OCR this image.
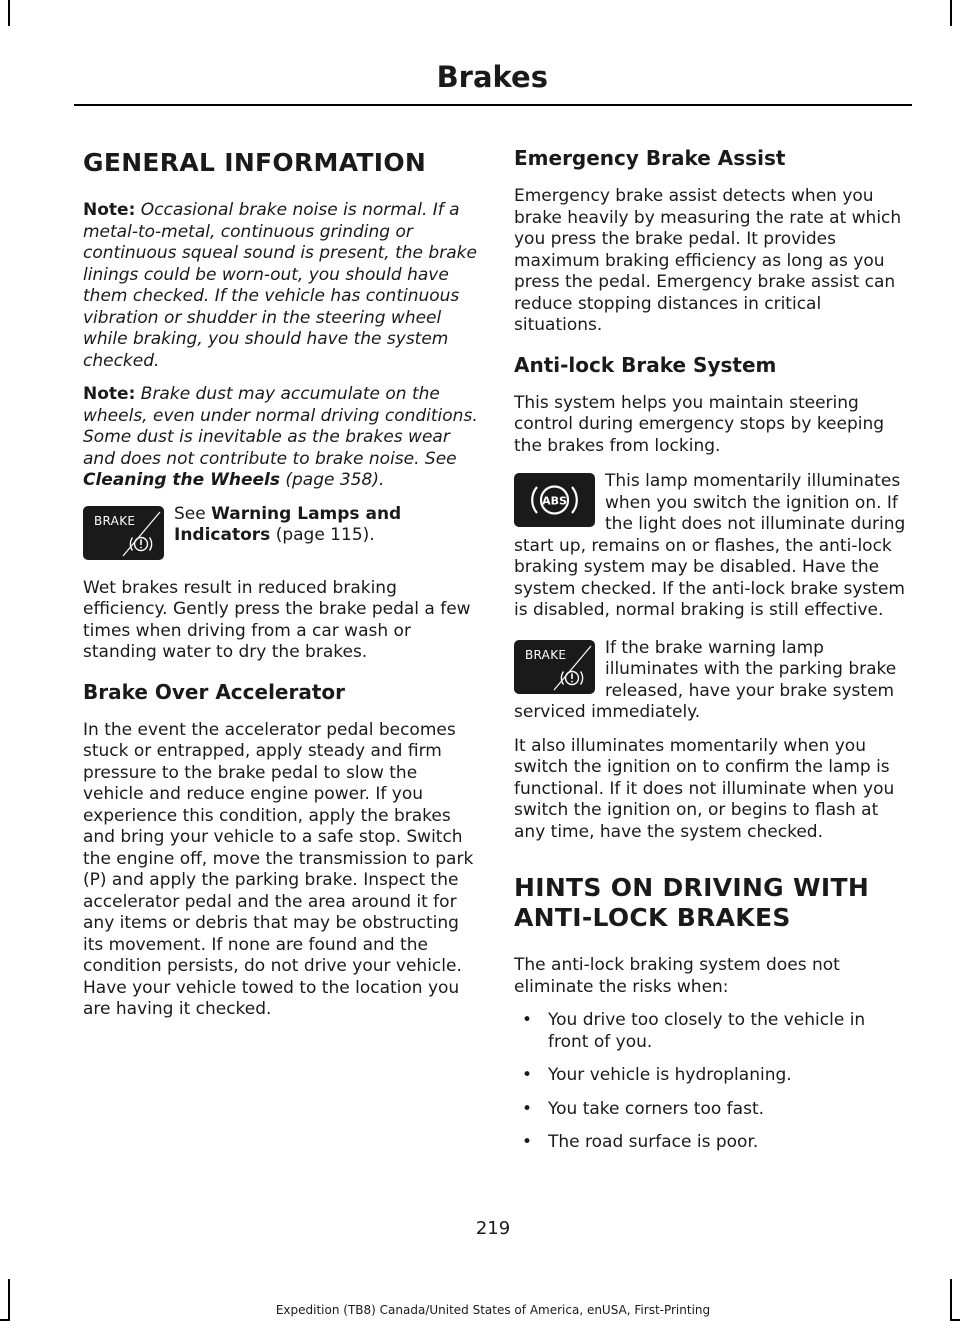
Brakes
GENERAL INFORMATION

Note: Occasional brake noise is normal. If a metal-to-metal, continuous grinding or continuous squeal sound is present, the brake linings could be worn-out, you should have them checked. If the vehicle has continuous vibration or shudder in the steering wheel while braking, you should have the system checked.

Note: Brake dust may accumulate on the wheels, even under normal driving conditions. Some dust is inevitable as the brakes wear and does not contribute to brake noise. See Cleaning the Wheels (page 358).

BRAKE	See Warning Lamps and Indicators (page 115).

Wet brakes result in reduced braking efficiency. Gently press the brake pedal a few times when driving from a car wash or standing water to dry the brakes.

Brake Over Accelerator

In the event the accelerator pedal becomes stuck or entrapped, apply steady and firm pressure to the brake pedal to slow the vehicle and reduce engine power. If you experience this condition, apply the brakes and bring your vehicle to a safe stop. Switch the engine off, move the transmission to park (P) and apply the parking brake. Inspect the accelerator pedal and the area around it for any items or debris that may be obstructing its movement. If none are found and the condition persists, do not drive your vehicle. Have your vehicle towed to the location you are having it checked.

Emergency Brake Assist

Emergency brake assist detects when you brake heavily by measuring the rate at which you press the brake pedal. It provides maximum braking efficiency as long as you press the pedal. Emergency brake assist can reduce stopping distances in critical situations.

Anti-lock Brake System

This system helps you maintain steering control during emergency stops by keeping the brakes from locking.

ABS

This lamp momentarily illuminates when you switch the ignition on. If the light does not illuminate during start up, remains on or flashes, the anti-lock braking system may be disabled. Have the system checked. If the anti-lock brake system is disabled, normal braking is still effective.

BRAKE	If the brake warning lamp illuminates with the parking brake released, have your brake system serviced immediately.

It also illuminates momentarily when you switch the ignition on to confirm the lamp is functional. If it does not illuminate when you switch the ignition on, or begins to flash at any time, have the system checked.

HINTS ON DRIVING WITH
ANTI-LOCK BRAKES

The anti-lock braking system does not eliminate the risks when:

• You drive too closely to the vehicle in front of you.
• Your vehicle is hydroplaning.
• You take corners too fast.
• The road surface is poor.
219
Expedition (TB8) Canada/United States of America, enUSA, First-Printing
